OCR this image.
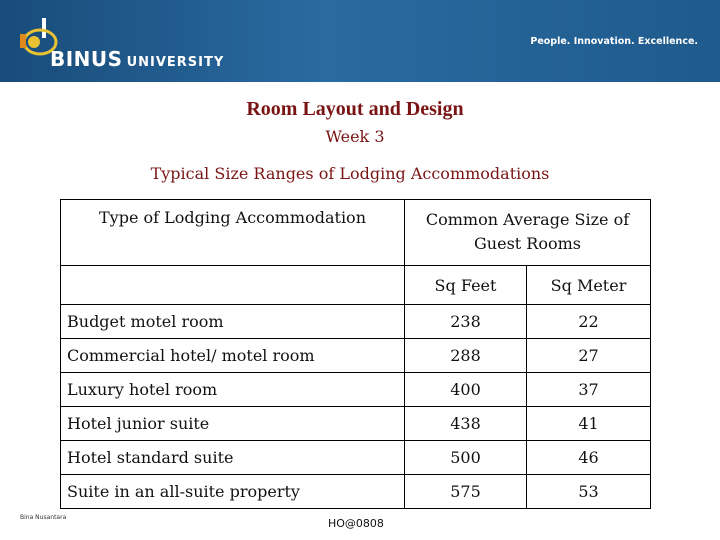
BINUS UNIVERSITY
People. Innovation. Excellence.
Room Layout and Design
Week 3
Typical Size Ranges of Lodging Accommodations
Type of Lodging Accommodation	Common Average Size of Guest Rooms	
	Sq Feet	Sq Meter
Budget motel room	238	22
Commercial hotel/ motel room	288	27
Luxury hotel room	400	37
Hotel junior suite	438	41
Hotel standard suite	500	46
Suite in an all-suite property	575	53
Bina Nusantara	HO@0808
